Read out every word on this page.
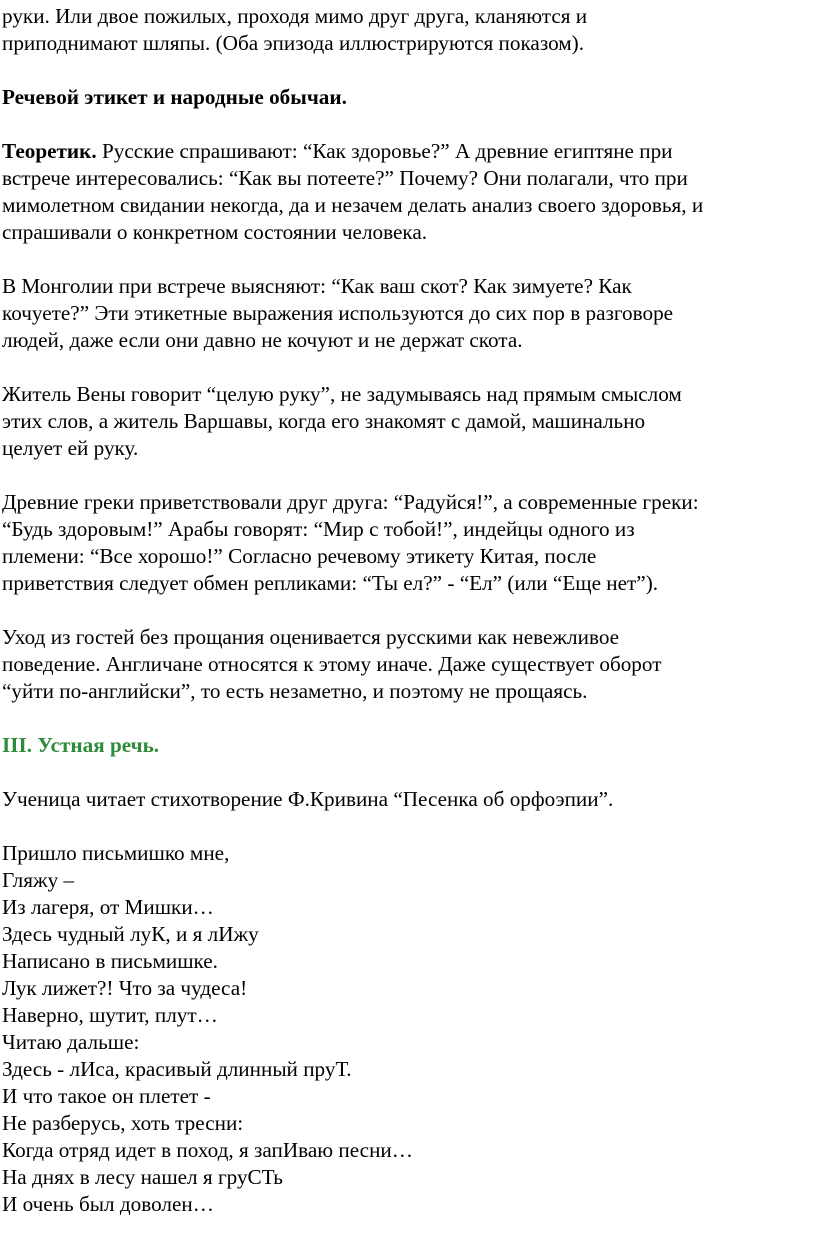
руки. Или двое пожилых, проходя мимо друг друга, кланяются и
приподнимают шляпы. (Оба эпизода иллюстрируются показом).
Речевой этикет и народные обычаи.
Теоретик. Русские спрашивают: “Как здоровье?” А древние египтяне при
встрече интересовались: “Как вы потеете?” Почему? Они полагали, что при
мимолетном свидании некогда, да и незачем делать анализ своего здоровья, и
спрашивали о конкретном состоянии человека.
В Монголии при встрече выясняют: “Как ваш скот? Как зимуете? Как
кочуете?” Эти этикетные выражения используются до сих пор в разговоре
людей, даже если они давно не кочуют и не держат скота.
Житель Вены говорит “целую руку”, не задумываясь над прямым смыслом
этих слов, а житель Варшавы, когда его знакомят с дамой, машинально
целует ей руку.
Древние греки приветствовали друг друга: “Радуйся!”, а современные греки:
“Будь здоровым!” Арабы говорят: “Мир с тобой!”, индейцы одного из
племени: “Все хорошо!” Согласно речевому этикету Китая, после
приветствия следует обмен репликами: “Ты ел?” - “Ел” (или “Еще нет”).
Уход из гостей без прощания оценивается русскими как невежливое
поведение. Англичане относятся к этому иначе. Даже существует оборот
“уйти по-английски”, то есть незаметно, и поэтому не прощаясь.
III. Устная речь.
Ученица читает стихотворение Ф.Кривина “Песенка об орфоэпии”.
Пришло письмишко мне,
Гляжу –
Из лагеря, от Мишки…
Здесь чудный луК, и я лИжу
Написано в письмишке.
Лук лижет?! Что за чудеса!
Наверно, шутит, плут…
Читаю дальше:
Здесь - лИса, красивый длинный пруТ.
И что такое он плетет -
Не разберусь, хоть тресни:
Когда отряд идет в поход, я запИваю песни…
На днях в лесу нашел я груСТь
И очень был доволен…
